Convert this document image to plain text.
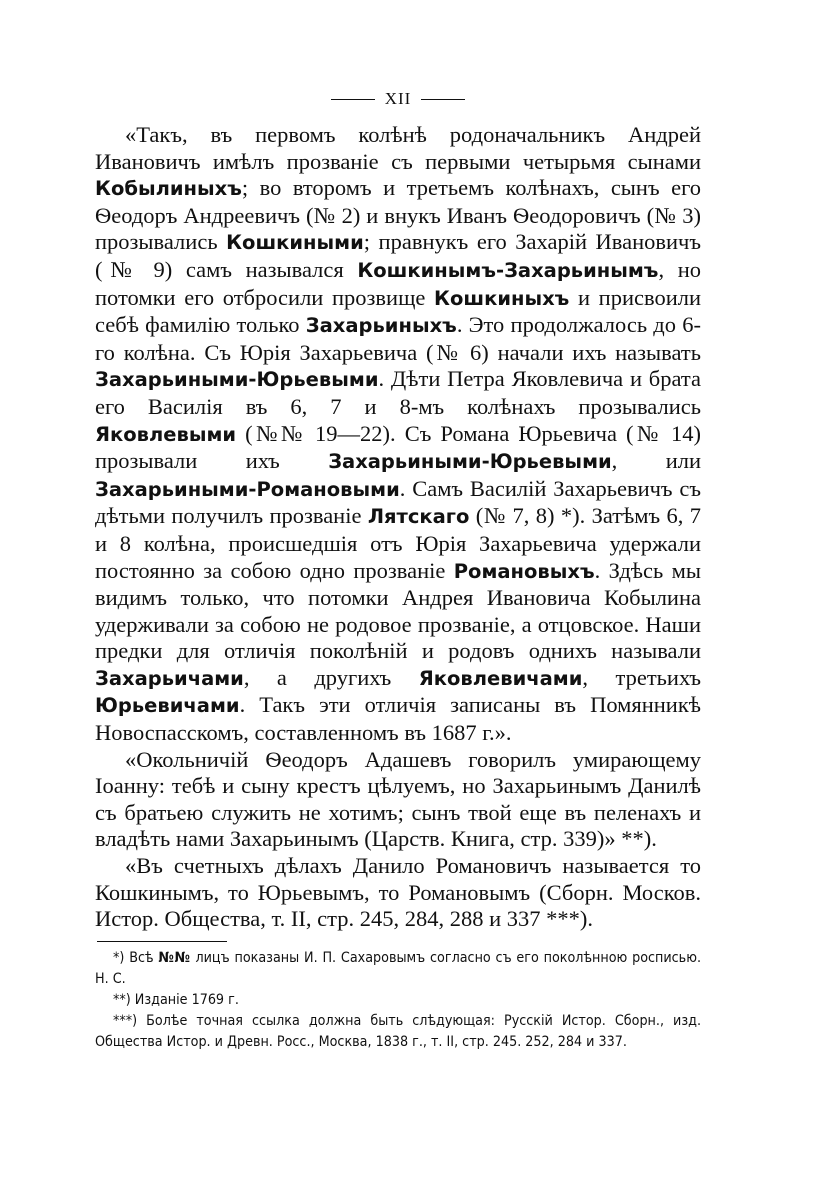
XII

«Такъ, въ первомъ колѣнѣ родоначальникъ Андрей Ивановичъ имѣлъ прозваніе съ первыми четырьмя сынами Кобылиныхъ; во второмъ и третьемъ колѣнахъ, сынъ его Ѳеодоръ Андреевичъ (№ 2) и внукъ Иванъ Ѳеодоровичъ (№ 3) прозывались Кошкиными; правнукъ его Захарій Ивановичъ (№ 9) самъ назывался Кошкинымъ-Захарьинымъ, но потомки его отбросили прозвище Кошкиныхъ и присвоили себѣ фамилію только Захарьиныхъ. Это продолжалось до 6-го колѣна. Съ Юрія Захарьевича (№ 6) начали ихъ называть Захарьиными-Юрьевыми. Дѣти Петра Яковлевича и брата его Василія въ 6, 7 и 8-мъ колѣнахъ прозывались Яковлевыми (№№ 19—22). Съ Романа Юрьевича (№ 14) прозывали ихъ Захарьиными-Юрьевыми, или Захарьиными-Романовыми. Самъ Василій Захарьевичъ съ дѣтьми получилъ прозваніе Лятскаго (№ 7, 8) *). Затѣмъ 6, 7 и 8 колѣна, происшедшія отъ Юрія Захарьевича удержали постоянно за собою одно прозваніе Романовыхъ. Здѣсь мы видимъ только, что потомки Андрея Ивановича Кобылина удерживали за собою не родовое прозваніе, а отцовское. Наши предки для отличія поколѣній и родовъ однихъ называли Захарьичами, а другихъ Яковлевичами, третьихъ Юрьевичами. Такъ эти отличія записаны въ Помянникѣ Новоспасскомъ, составленномъ въ 1687 г.».

«Окольничій Ѳеодоръ Адашевъ говорилъ умирающему Іоанну: тебѣ и сыну крестъ цѣлуемъ, но Захарьинымъ Данилѣ съ братьею служить не хотимъ; сынъ твой еще въ пеленахъ и владѣть нами Захарьинымъ (Царств. Книга, стр. 339)» **).

«Въ счетныхъ дѣлахъ Данило Романовичъ называется то Кошкинымъ, то Юрьевымъ, то Романовымъ (Сборн. Москов. Истор. Общества, т. II, стр. 245, 284, 288 и 337 ***).

*) Всѣ №№ лицъ показаны И. П. Сахаровымъ согласно съ его поколѣнною росписью. Н. С.

**) Изданіе 1769 г.

***) Болѣе точная ссылка должна быть слѣдующая: Русскій Истор. Сборн., изд. Общества Истор. и Древн. Росс., Москва, 1838 г., т. II, стр. 245. 252, 284 и 337.
